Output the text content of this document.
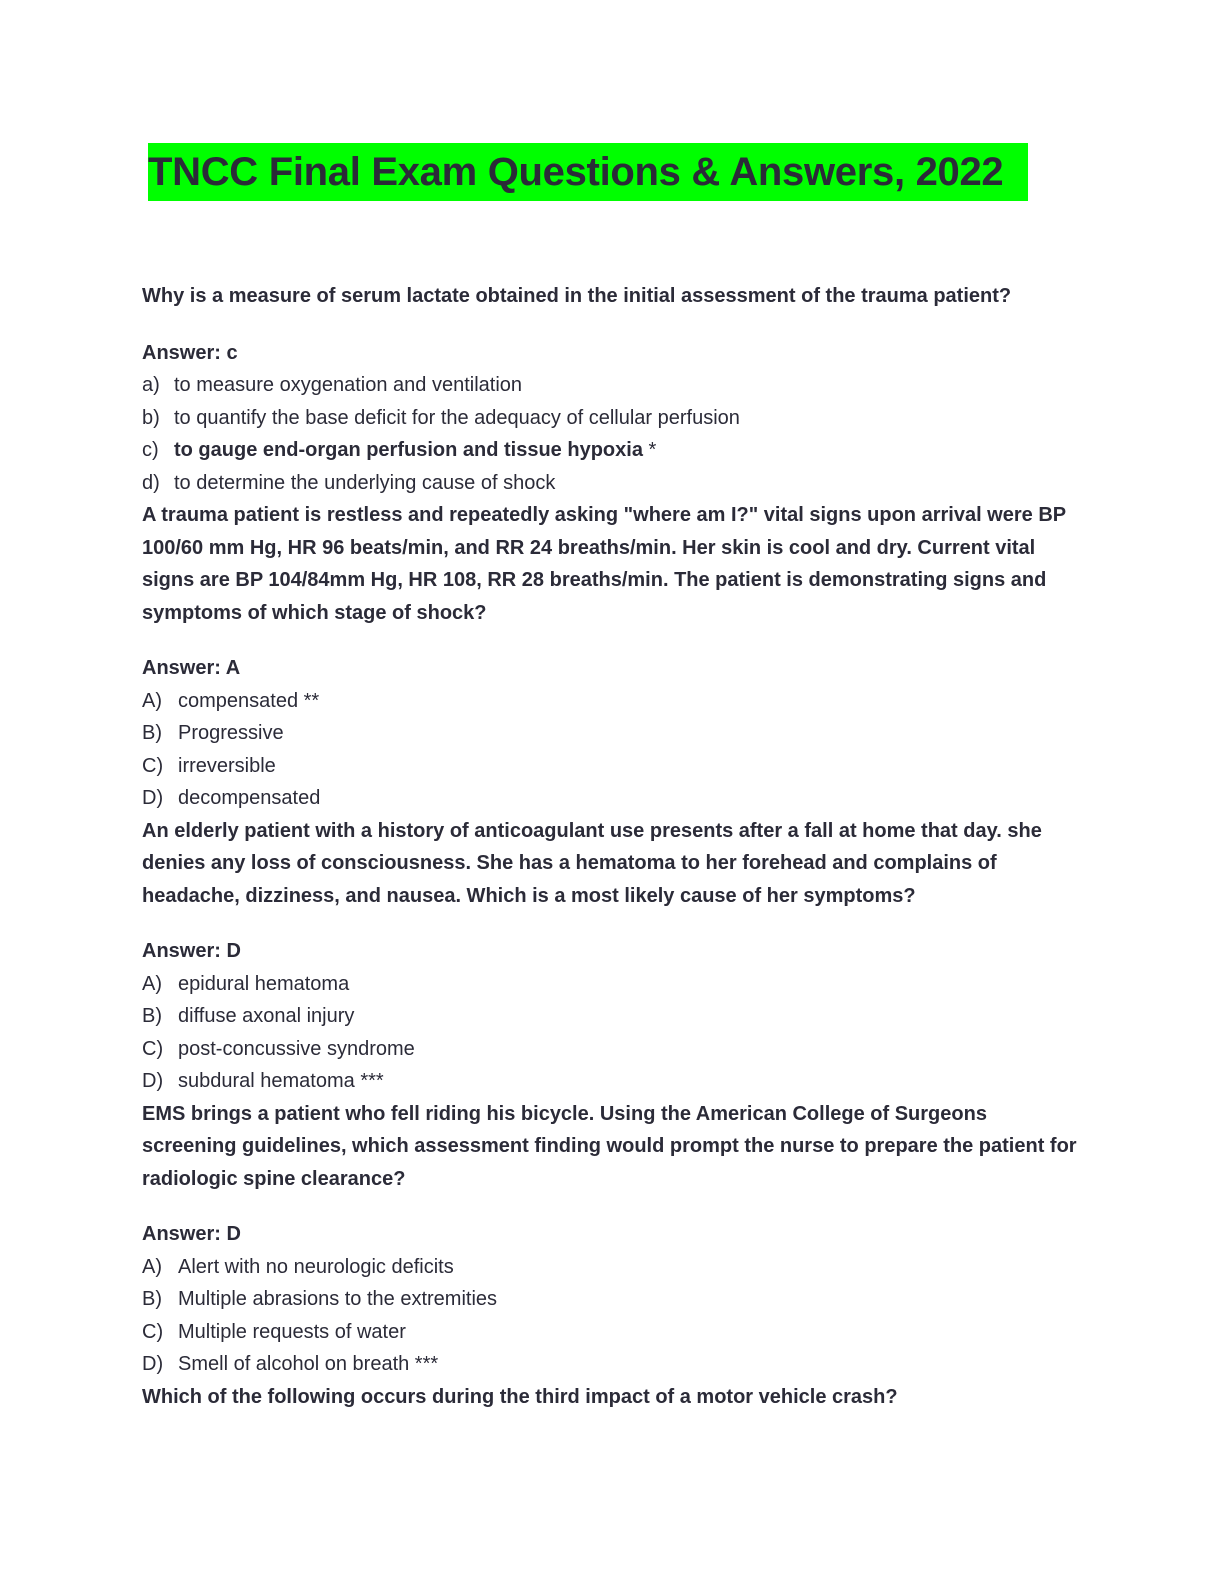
TNCC Final Exam Questions & Answers, 2022

Why is a measure of serum lactate obtained in the initial assessment of the trauma patient?

Answer: c

a) to measure oxygenation and ventilation
b) to quantify the base deficit for the adequacy of cellular perfusion
c) to gauge end-organ perfusion and tissue hypoxia *
d) to determine the underlying cause of shock

A trauma patient is restless and repeatedly asking "where am I?" vital signs upon arrival were BP 100/60 mm Hg, HR 96 beats/min, and RR 24 breaths/min. Her skin is cool and dry. Current vital signs are BP 104/84mm Hg, HR 108, RR 28 breaths/min. The patient is demonstrating signs and symptoms of which stage of shock?

Answer: A

A) compensated **
B) Progressive
C) irreversible
D) decompensated

An elderly patient with a history of anticoagulant use presents after a fall at home that day. she denies any loss of consciousness. She has a hematoma to her forehead and complains of headache, dizziness, and nausea. Which is a most likely cause of her symptoms?

Answer: D

A) epidural hematoma
B) diffuse axonal injury
C) post-concussive syndrome
D) subdural hematoma ***

EMS brings a patient who fell riding his bicycle. Using the American College of Surgeons screening guidelines, which assessment finding would prompt the nurse to prepare the patient for radiologic spine clearance?

Answer: D

A) Alert with no neurologic deficits
B) Multiple abrasions to the extremities
C) Multiple requests of water
D) Smell of alcohol on breath ***

Which of the following occurs during the third impact of a motor vehicle crash?
